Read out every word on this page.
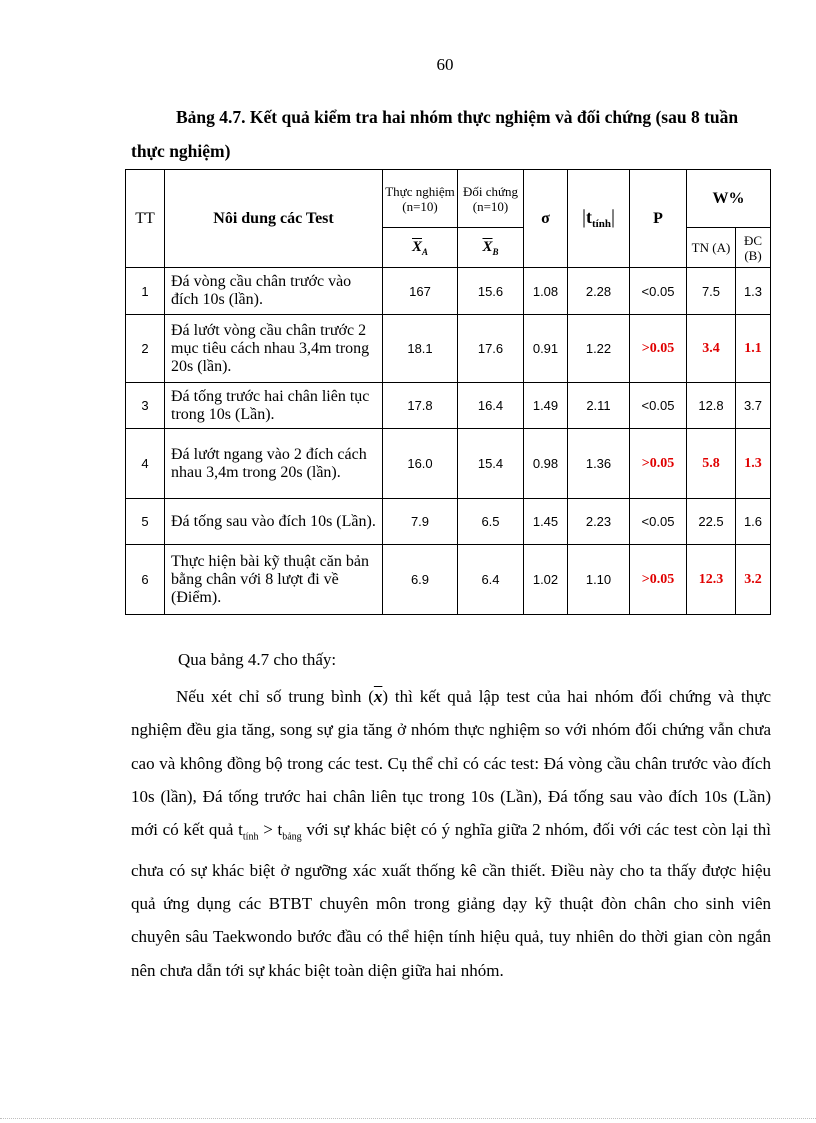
60
Bảng 4.7. Kết quả kiểm tra hai nhóm thực nghiệm và đối chứng (sau 8 tuần thực nghiệm)
TT	Nôi dung các Test	Thực nghiệm (n=10)	Đối chứng (n=10)	σ	$|t_{tính}|$	P	W%	
		$\overline{X}_A$	$\overline{X}_B$				TN (A)	ĐC (B)
1	Đá vòng cầu chân trước vào đích 10s (lần).	167	15.6	1.08	2.28	<0.05	7.5	1.3
2	Đá lướt vòng cầu chân trước 2 mục tiêu cách nhau 3,4m trong 20s (lần).	18.1	17.6	0.91	1.22	>0.05	3.4	1.1
3	Đá tống trước hai chân liên tục trong 10s (Lần).	17.8	16.4	1.49	2.11	<0.05	12.8	3.7
4	Đá lướt ngang vào 2 đích cách nhau 3,4m trong 20s (lần).	16.0	15.4	0.98	1.36	>0.05	5.8	1.3
5	Đá tống sau vào đích 10s (Lần).	7.9	6.5	1.45	2.23	<0.05	22.5	1.6
6	Thực hiện bài kỹ thuật căn bản bằng chân với 8 lượt đi về (Điểm).	6.9	6.4	1.02	1.10	>0.05	12.3	3.2
Qua bảng 4.7 cho thấy:
Nếu xét chỉ số trung bình $(\overline{x})$ thì kết quả lập test của hai nhóm đối chứng và thực nghiệm đều gia tăng, song sự gia tăng ở nhóm thực nghiệm so với nhóm đối chứng vẫn chưa cao và không đồng bộ trong các test. Cụ thể chỉ có các test: Đá vòng cầu chân trước vào đích 10s (lần), Đá tống trước hai chân liên tục trong 10s (Lần), Đá tống sau vào đích 10s (Lần) mới có kết quả $t_{tính} > t_{bảng}$ với sự khác biệt có ý nghĩa giữa 2 nhóm, đối với các test còn lại thì chưa có sự khác biệt ở ngưỡng xác xuất thống kê cần thiết. Điều này cho ta thấy được hiệu quả ứng dụng các BTBT chuyên môn trong giảng dạy kỹ thuật đòn chân cho sinh viên chuyên sâu Taekwondo bước đầu có thể hiện tính hiệu quả, tuy nhiên do thời gian còn ngắn nên chưa dẫn tới sự khác biệt toàn diện giữa hai nhóm.
